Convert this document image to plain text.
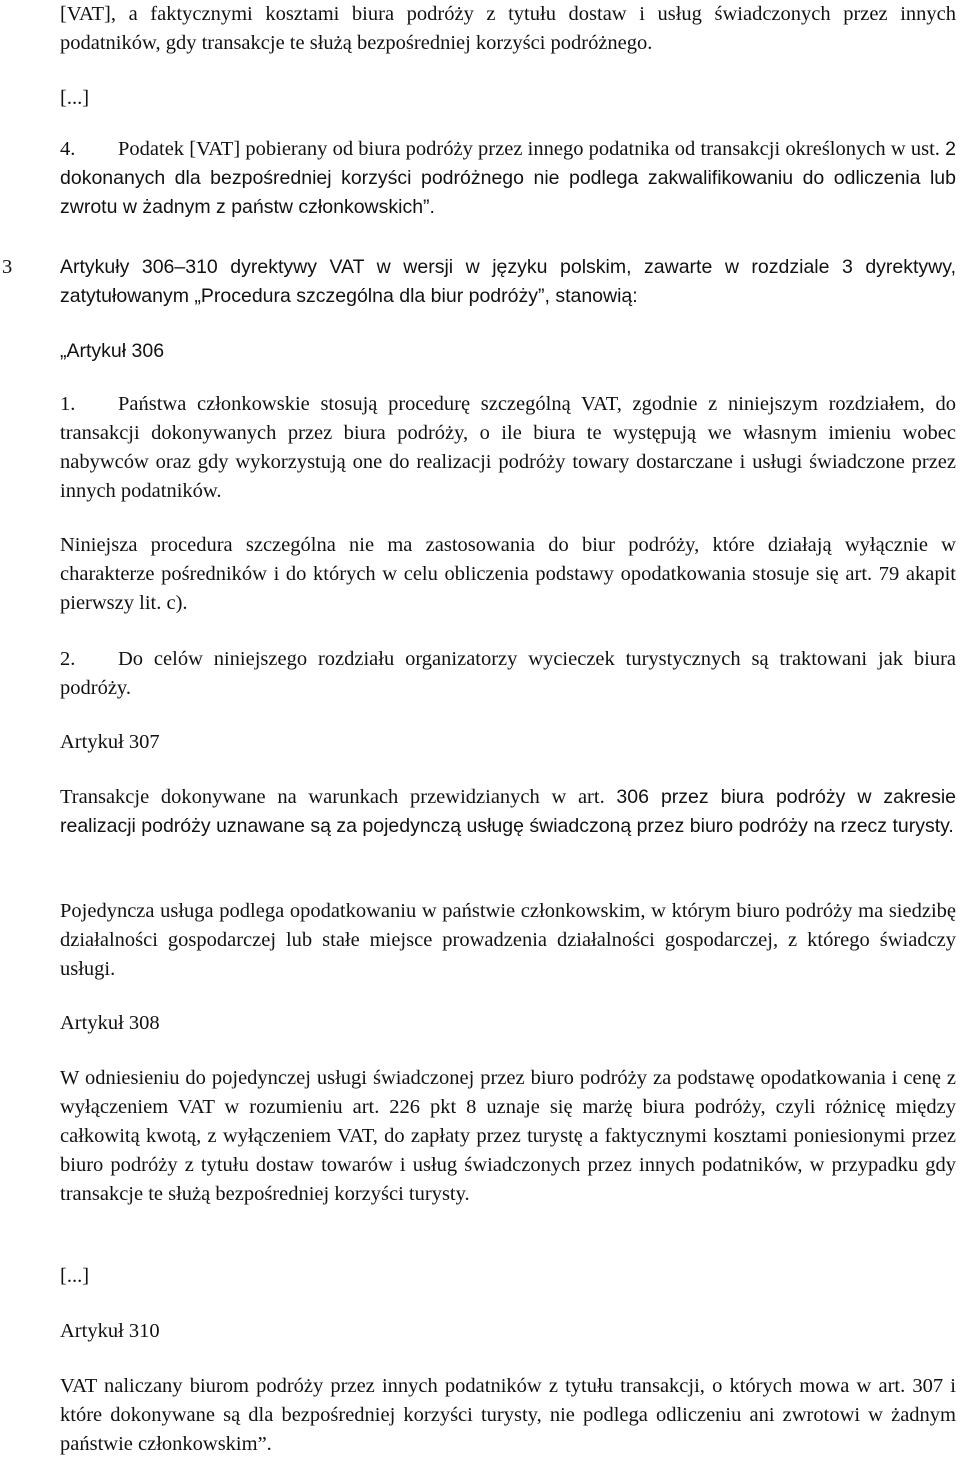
[VAT], a faktycznymi kosztami biura podróży z tytułu dostaw i usług świadczonych przez innych podatników, gdy transakcje te służą bezpośredniej korzyści podróżnego.

[...]

4. Podatek [VAT] pobierany od biura podróży przez innego podatnika od transakcji określonych w ust. 2 dokonanych dla bezpośredniej korzyści podróżnego nie podlega zakwalifikowaniu do odliczenia lub zwrotu w żadnym z państw członkowskich”.

3 Artykuły 306–310 dyrektywy VAT w wersji w języku polskim, zawarte w rozdziale 3 dyrektywy, zatytułowanym „Procedura szczególna dla biur podróży”, stanowią:

„Artykuł 306

1. Państwa członkowskie stosują procedurę szczególną VAT, zgodnie z niniejszym rozdziałem, do transakcji dokonywanych przez biura podróży, o ile biura te występują we własnym imieniu wobec nabywców oraz gdy wykorzystują one do realizacji podróży towary dostarczane i usługi świadczone przez innych podatników.

Niniejsza procedura szczególna nie ma zastosowania do biur podróży, które działają wyłącznie w charakterze pośredników i do których w celu obliczenia podstawy opodatkowania stosuje się art. 79 akapit pierwszy lit. c).

2. Do celów niniejszego rozdziału organizatorzy wycieczek turystycznych są traktowani jak biura podróży.

Artykuł 307

Transakcje dokonywane na warunkach przewidzianych w art. 306 przez biura podróży w zakresie realizacji podróży uznawane są za pojedynczą usługę świadczoną przez biuro podróży na rzecz turysty.

Pojedyncza usługa podlega opodatkowaniu w państwie członkowskim, w którym biuro podróży ma siedzibę działalności gospodarczej lub stałe miejsce prowadzenia działalności gospodarczej, z którego świadczy usługi.

Artykuł 308

W odniesieniu do pojedynczej usługi świadczonej przez biuro podróży za podstawę opodatkowania i cenę z wyłączeniem VAT w rozumieniu art. 226 pkt 8 uznaje się marżę biura podróży, czyli różnicę między całkowitą kwotą, z wyłączeniem VAT, do zapłaty przez turystę a faktycznymi kosztami poniesionymi przez biuro podróży z tytułu dostaw towarów i usług świadczonych przez innych podatników, w przypadku gdy transakcje te służą bezpośredniej korzyści turysty.

[...]

Artykuł 310

VAT naliczany biurom podróży przez innych podatników z tytułu transakcji, o których mowa w art. 307 i które dokonywane są dla bezpośredniej korzyści turysty, nie podlega odliczeniu ani zwrotowi w żadnym państwie członkowskim”.
